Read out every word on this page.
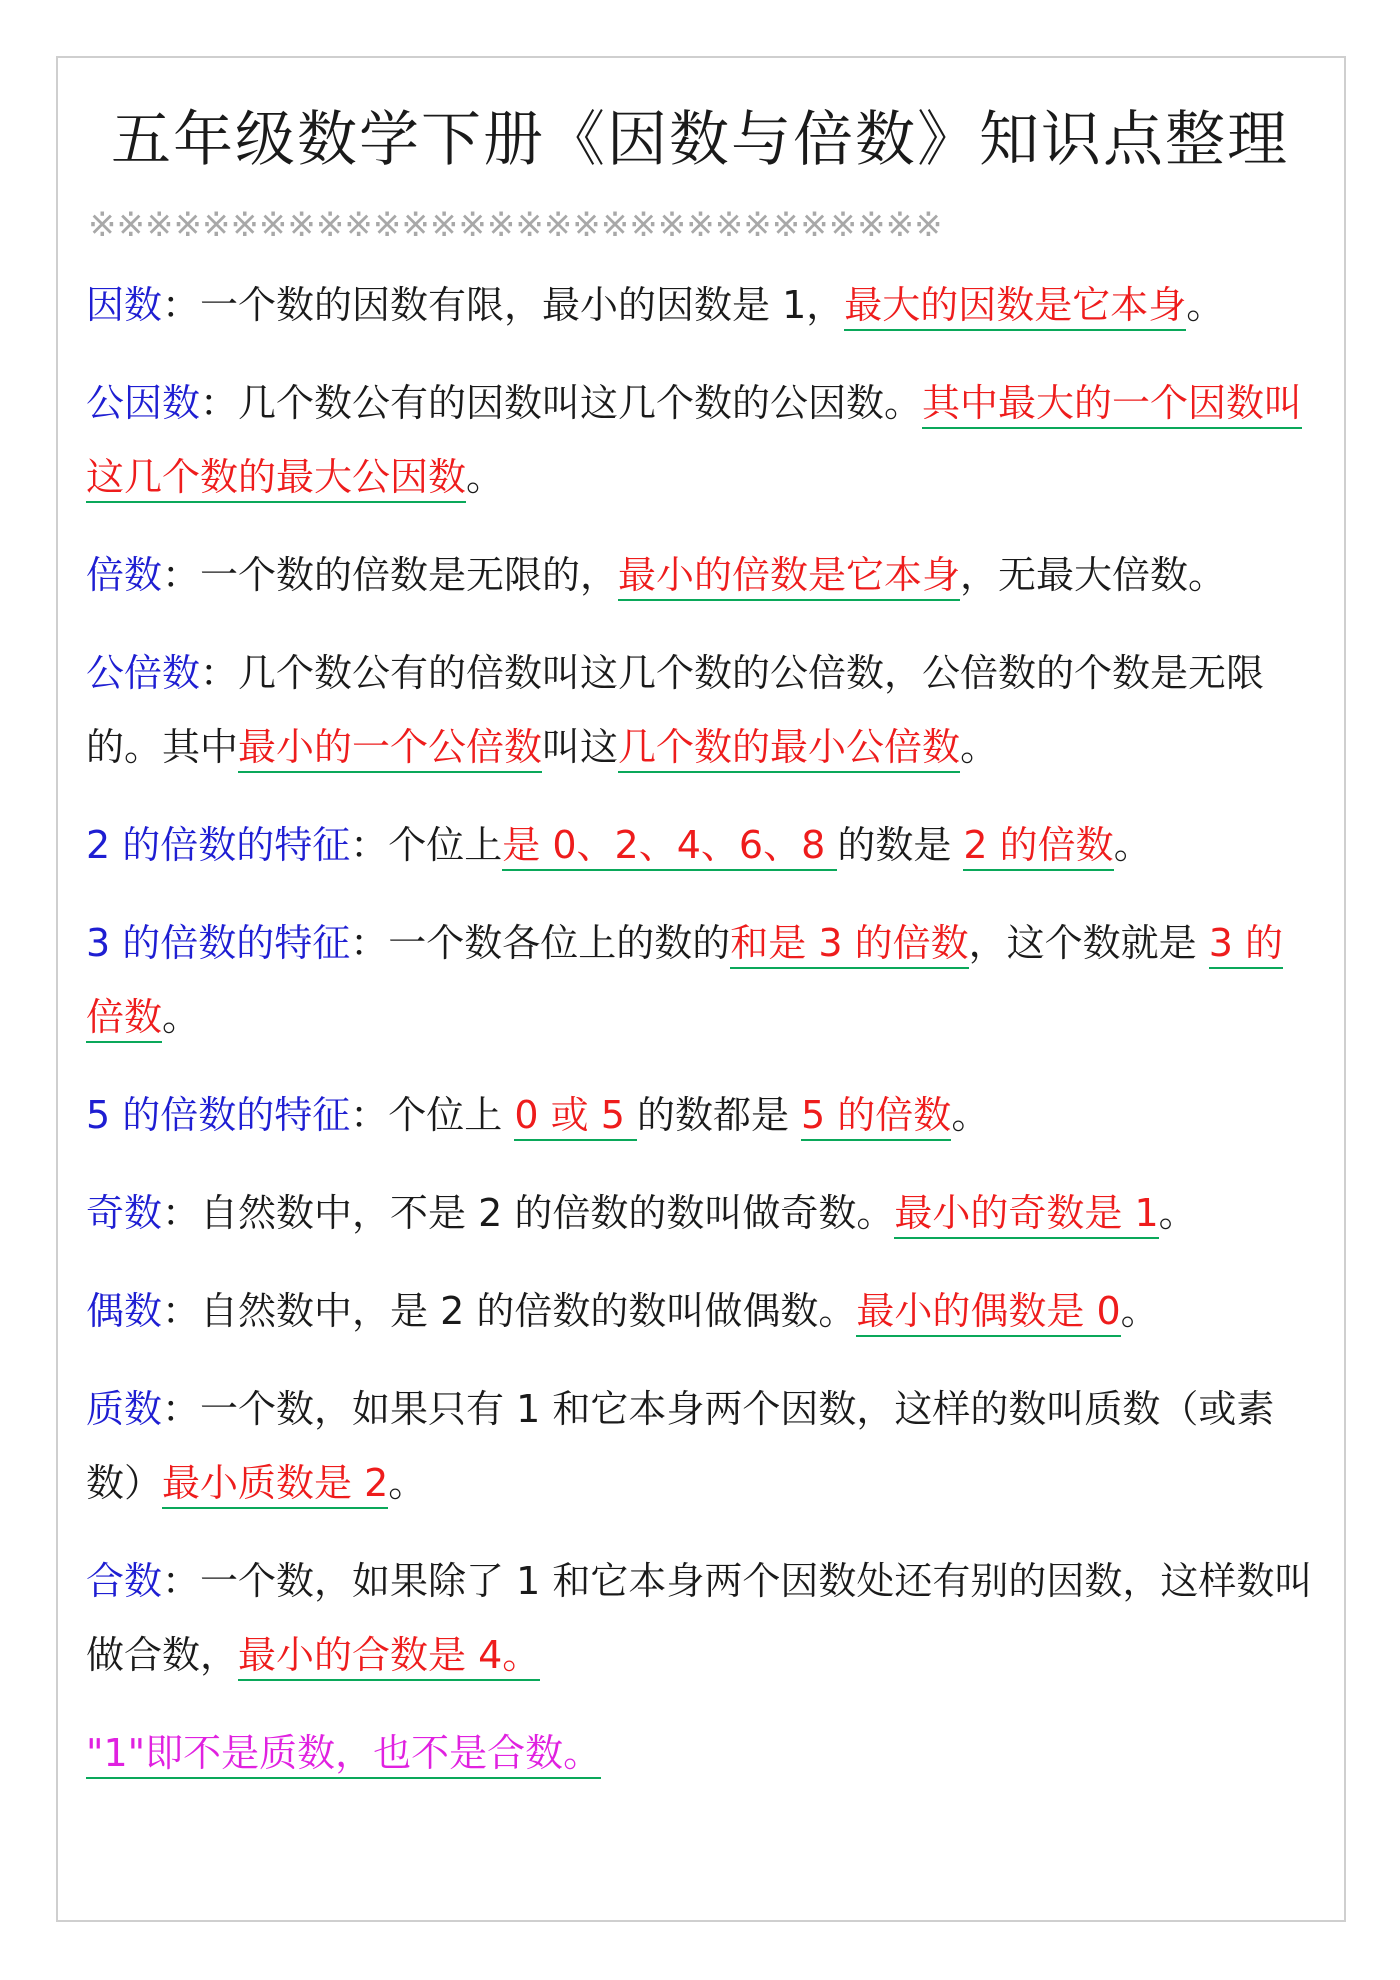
五年级数学下册《因数与倍数》知识点整理
※※※※※※※※※※※※※※※※※※※※※※※※※※※※※※
因数：一个数的因数有限，最小的因数是 1，最大的因数是它本身。
公因数：几个数公有的因数叫这几个数的公因数。其中最大的一个因数叫这几个数的最大公因数。
倍数：一个数的倍数是无限的，最小的倍数是它本身，无最大倍数。
公倍数：几个数公有的倍数叫这几个数的公倍数，公倍数的个数是无限的。其中最小的一个公倍数叫这几个数的最小公倍数。
2 的倍数的特征：个位上是 0、2、4、6、8 的数是 2 的倍数。
3 的倍数的特征：一个数各位上的数的和是 3 的倍数，这个数就是 3 的倍数。
5 的倍数的特征：个位上 0 或 5 的数都是 5 的倍数。
奇数：自然数中，不是 2 的倍数的数叫做奇数。最小的奇数是 1。
偶数：自然数中，是 2 的倍数的数叫做偶数。最小的偶数是 0。
质数：一个数，如果只有 1 和它本身两个因数，这样的数叫质数（或素数）最小质数是 2。
合数：一个数，如果除了 1 和它本身两个因数处还有别的因数，这样数叫做合数，最小的合数是 4。
"1"即不是质数，也不是合数。
